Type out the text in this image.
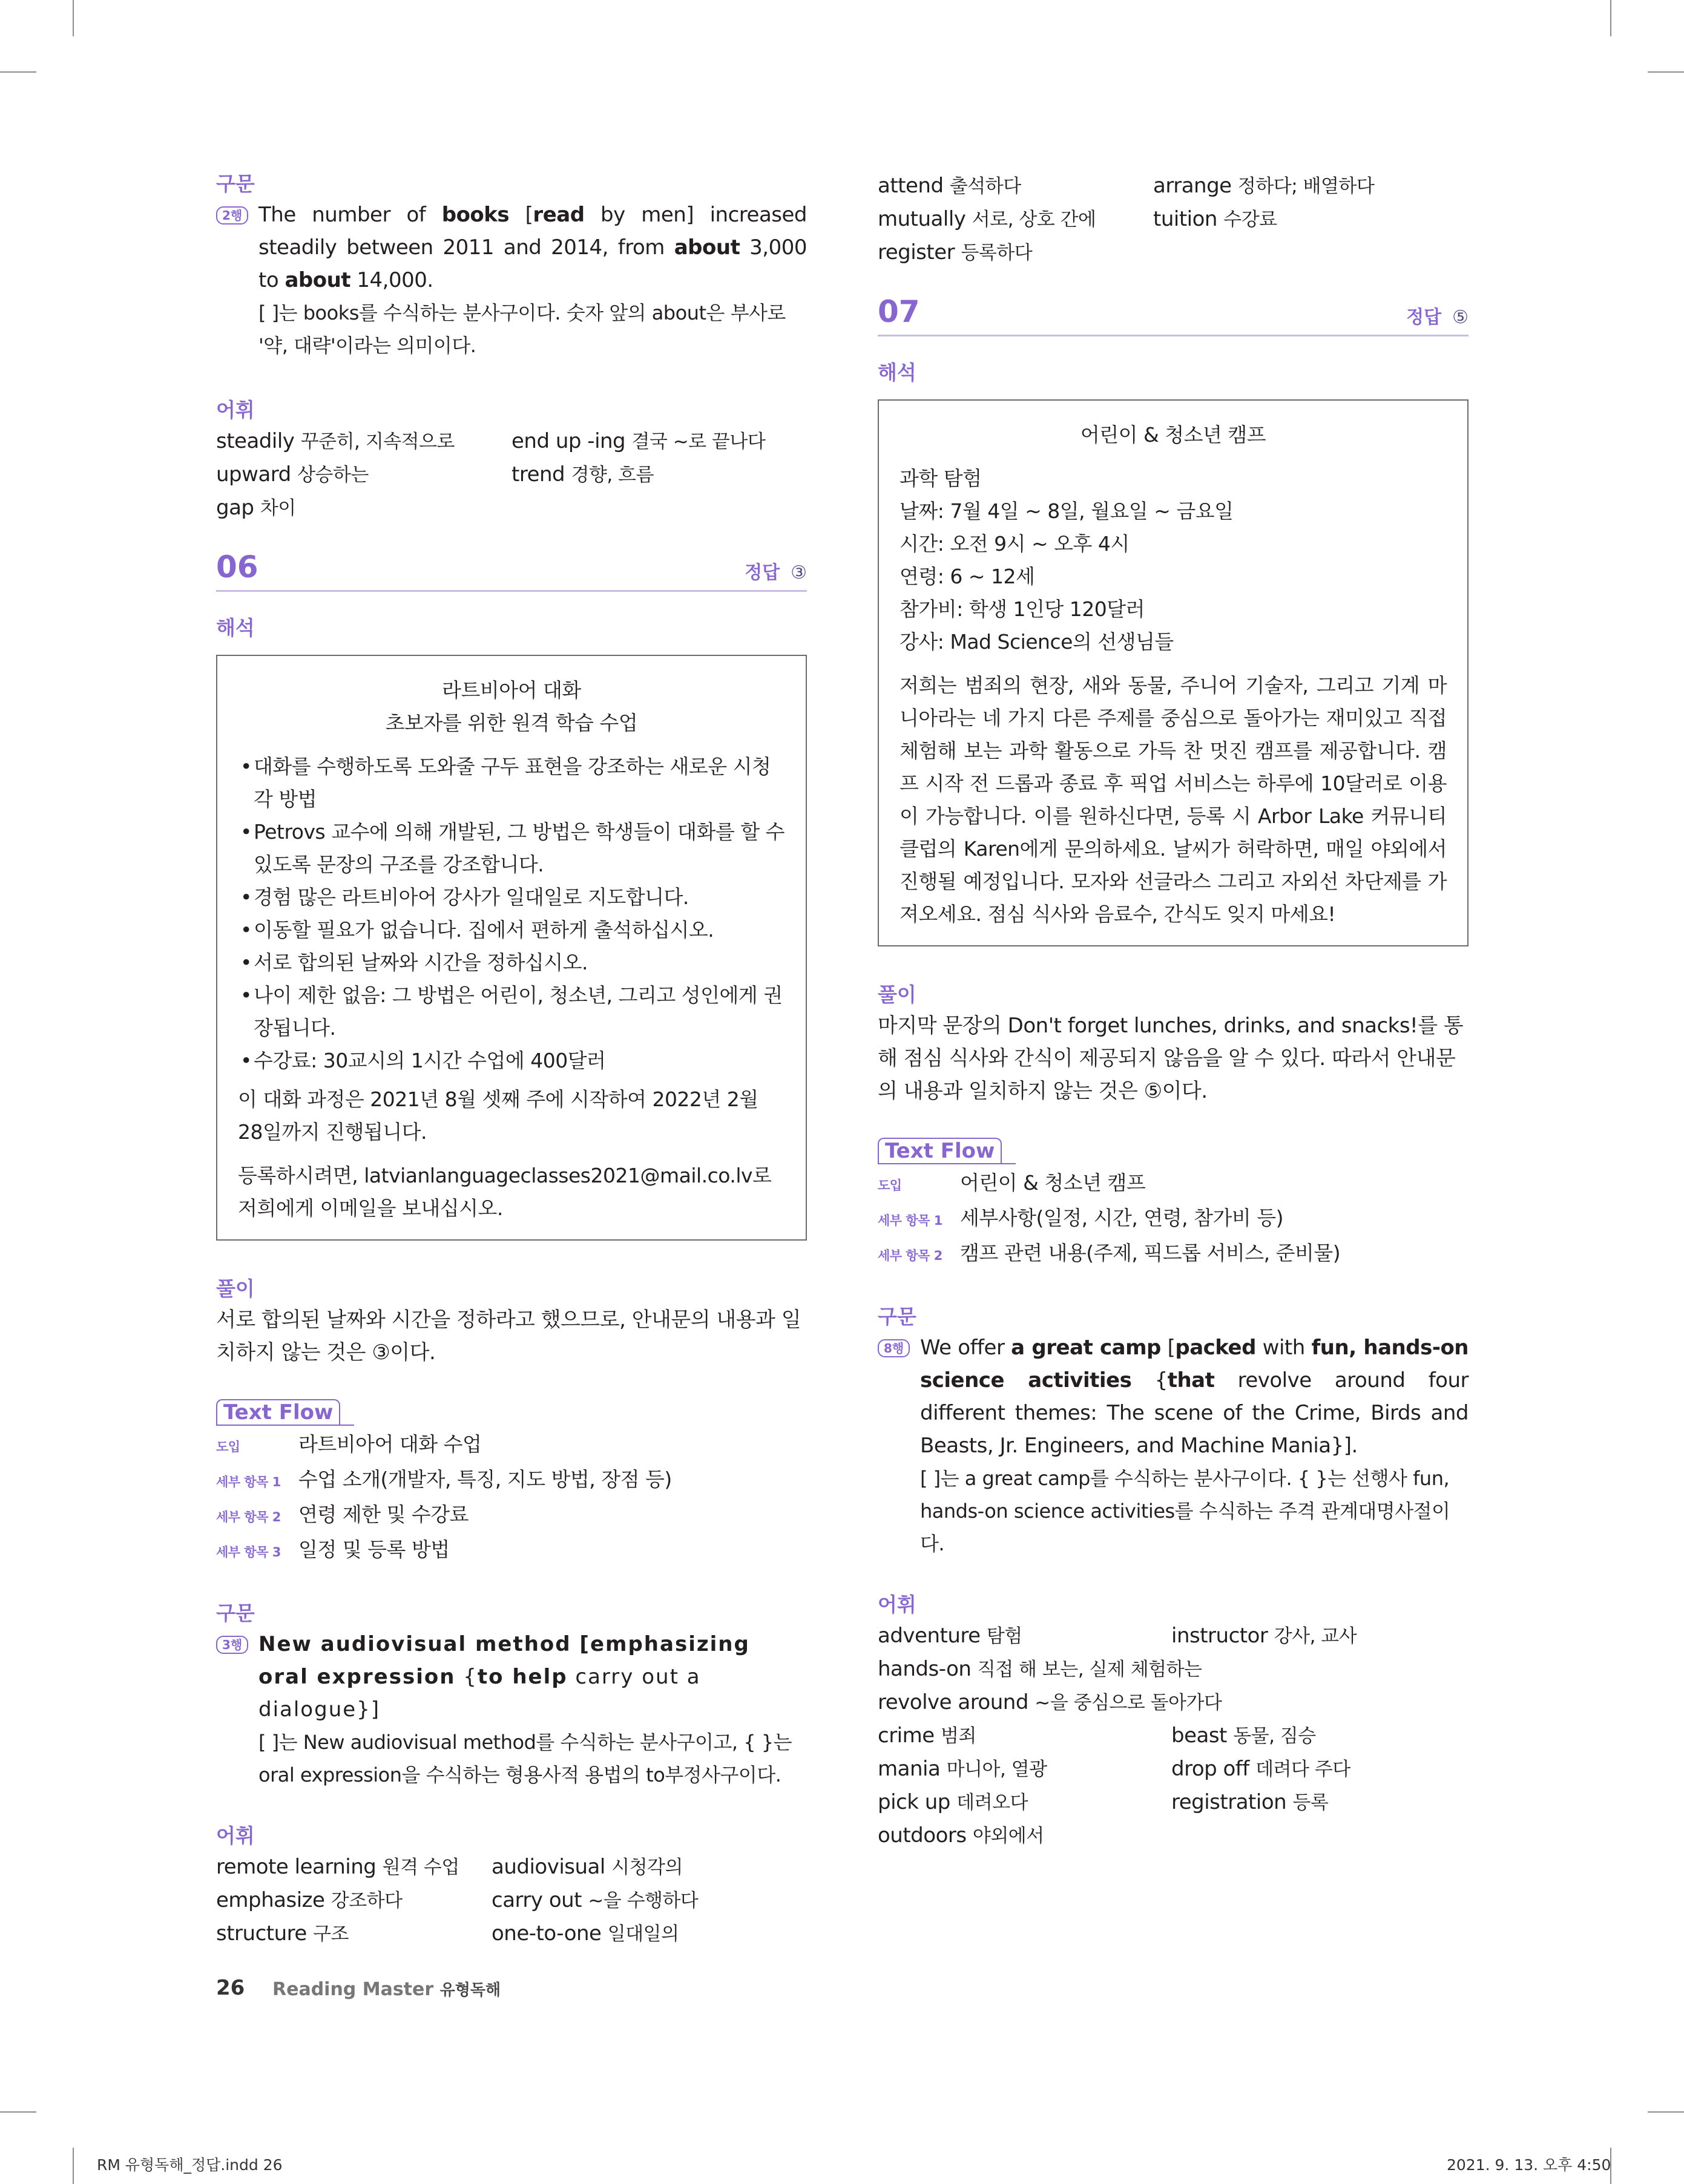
구문

2행 The number of books [read by men] increased steadily between 2011 and 2014, from about 3,000 to about 14,000.

[ ]는 books를 수식하는 분사구이다. 숫자 앞의 about은 부사로 '약, 대략'이라는 의미이다.

어휘

steadily 꾸준히, 지속적으로	end up -ing 결국 ~로 끝나다
upward 상승하는	trend 경향, 흐름
gap 차이
06	정답 ③

해석

라트비아어 대화

초보자를 위한 원격 학습 수업

• 대화를 수행하도록 도와줄 구두 표현을 강조하는 새로운 시청각 방법
• Petrovs 교수에 의해 개발된, 그 방법은 학생들이 대화를 할 수 있도록 문장의 구조를 강조합니다.
• 경험 많은 라트비아어 강사가 일대일로 지도합니다.
• 이동할 필요가 없습니다. 집에서 편하게 출석하십시오.
• 서로 합의된 날짜와 시간을 정하십시오.
• 나이 제한 없음: 그 방법은 어린이, 청소년, 그리고 성인에게 권장됩니다.
• 수강료: 30교시의 1시간 수업에 400달러

이 대화 과정은 2021년 8월 셋째 주에 시작하여 2022년 2월 28일까지 진행됩니다.

등록하시려면, latvianlanguageclasses2021@mail.co.lv로 저희에게 이메일을 보내십시오.

풀이

서로 합의된 날짜와 시간을 정하라고 했으므로, 안내문의 내용과 일치하지 않는 것은 ③이다.

Text Flow
도입	라트비아어 대화 수업
세부 항목 1 수업 소개(개발자, 특징, 지도 방법, 장점 등)
세부 항목 2 연령 제한 및 수강료
세부 항목 3 일정 및 등록 방법

구문

3행 New audiovisual method [emphasizing oral expression {to help carry out a dialogue}]

[ ]는 New audiovisual method를 수식하는 분사구이고, { }는 oral expression을 수식하는 형용사적 용법의 to부정사구이다.

어휘

remote learning 원격 수업	audiovisual 시청각의
emphasize 강조하다	carry out ~을 수행하다
structure 구조	one-to-one 일대일의
attend 출석하다	arrange 정하다; 배열하다
mutually 서로, 상호 간에	tuition 수강료
register 등록하다
07	정답 ⑤

해석

어린이 & 청소년 캠프

과학 탐험

날짜: 7월 4일 ~ 8일, 월요일 ~ 금요일

시간: 오전 9시 ~ 오후 4시

연령: 6 ~ 12세

참가비: 학생 1인당 120달러

강사: Mad Science의 선생님들

저희는 범죄의 현장, 새와 동물, 주니어 기술자, 그리고 기계 마니아라는 네 가지 다른 주제를 중심으로 돌아가는 재미있고 직접 체험해 보는 과학 활동으로 가득 찬 멋진 캠프를 제공합니다. 캠프 시작 전 드롭과 종료 후 픽업 서비스는 하루에 10달러로 이용이 가능합니다. 이를 원하신다면, 등록 시 Arbor Lake 커뮤니티 클럽의 Karen에게 문의하세요. 날씨가 허락하면, 매일 야외에서 진행될 예정입니다. 모자와 선글라스 그리고 자외선 차단제를 가져오세요. 점심 식사와 음료수, 간식도 잊지 마세요!

풀이

마지막 문장의 Don't forget lunches, drinks, and snacks!를 통해 점심 식사와 간식이 제공되지 않음을 알 수 있다. 따라서 안내문의 내용과 일치하지 않는 것은 ⑤이다.

Text Flow
도입	어린이 & 청소년 캠프
세부 항목 1 세부사항(일정, 시간, 연령, 참가비 등)
세부 항목 2 캠프 관련 내용(주제, 픽드롭 서비스, 준비물)

구문

8행 We offer a great camp [packed with fun, hands-on science activities {that revolve around four different themes: The scene of the Crime, Birds and Beasts, Jr. Engineers, and Machine Mania}].

[ ]는 a great camp를 수식하는 분사구이다. { }는 선행사 fun, hands-on science activities를 수식하는 주격 관계대명사절이다.

어휘

adventure 탐험	instructor 강사, 교사
hands-on 직접 해 보는, 실제 체험하는
revolve around ~을 중심으로 돌아가다
crime 범죄	beast 동물, 짐승
mania 마니아, 열광	drop off 데려다 주다
pick up 데려오다	registration 등록
outdoors 야외에서
26 Reading Master 유형독해
RM 유형독해_정답.indd 26	2021. 9. 13. 오후 4:50
